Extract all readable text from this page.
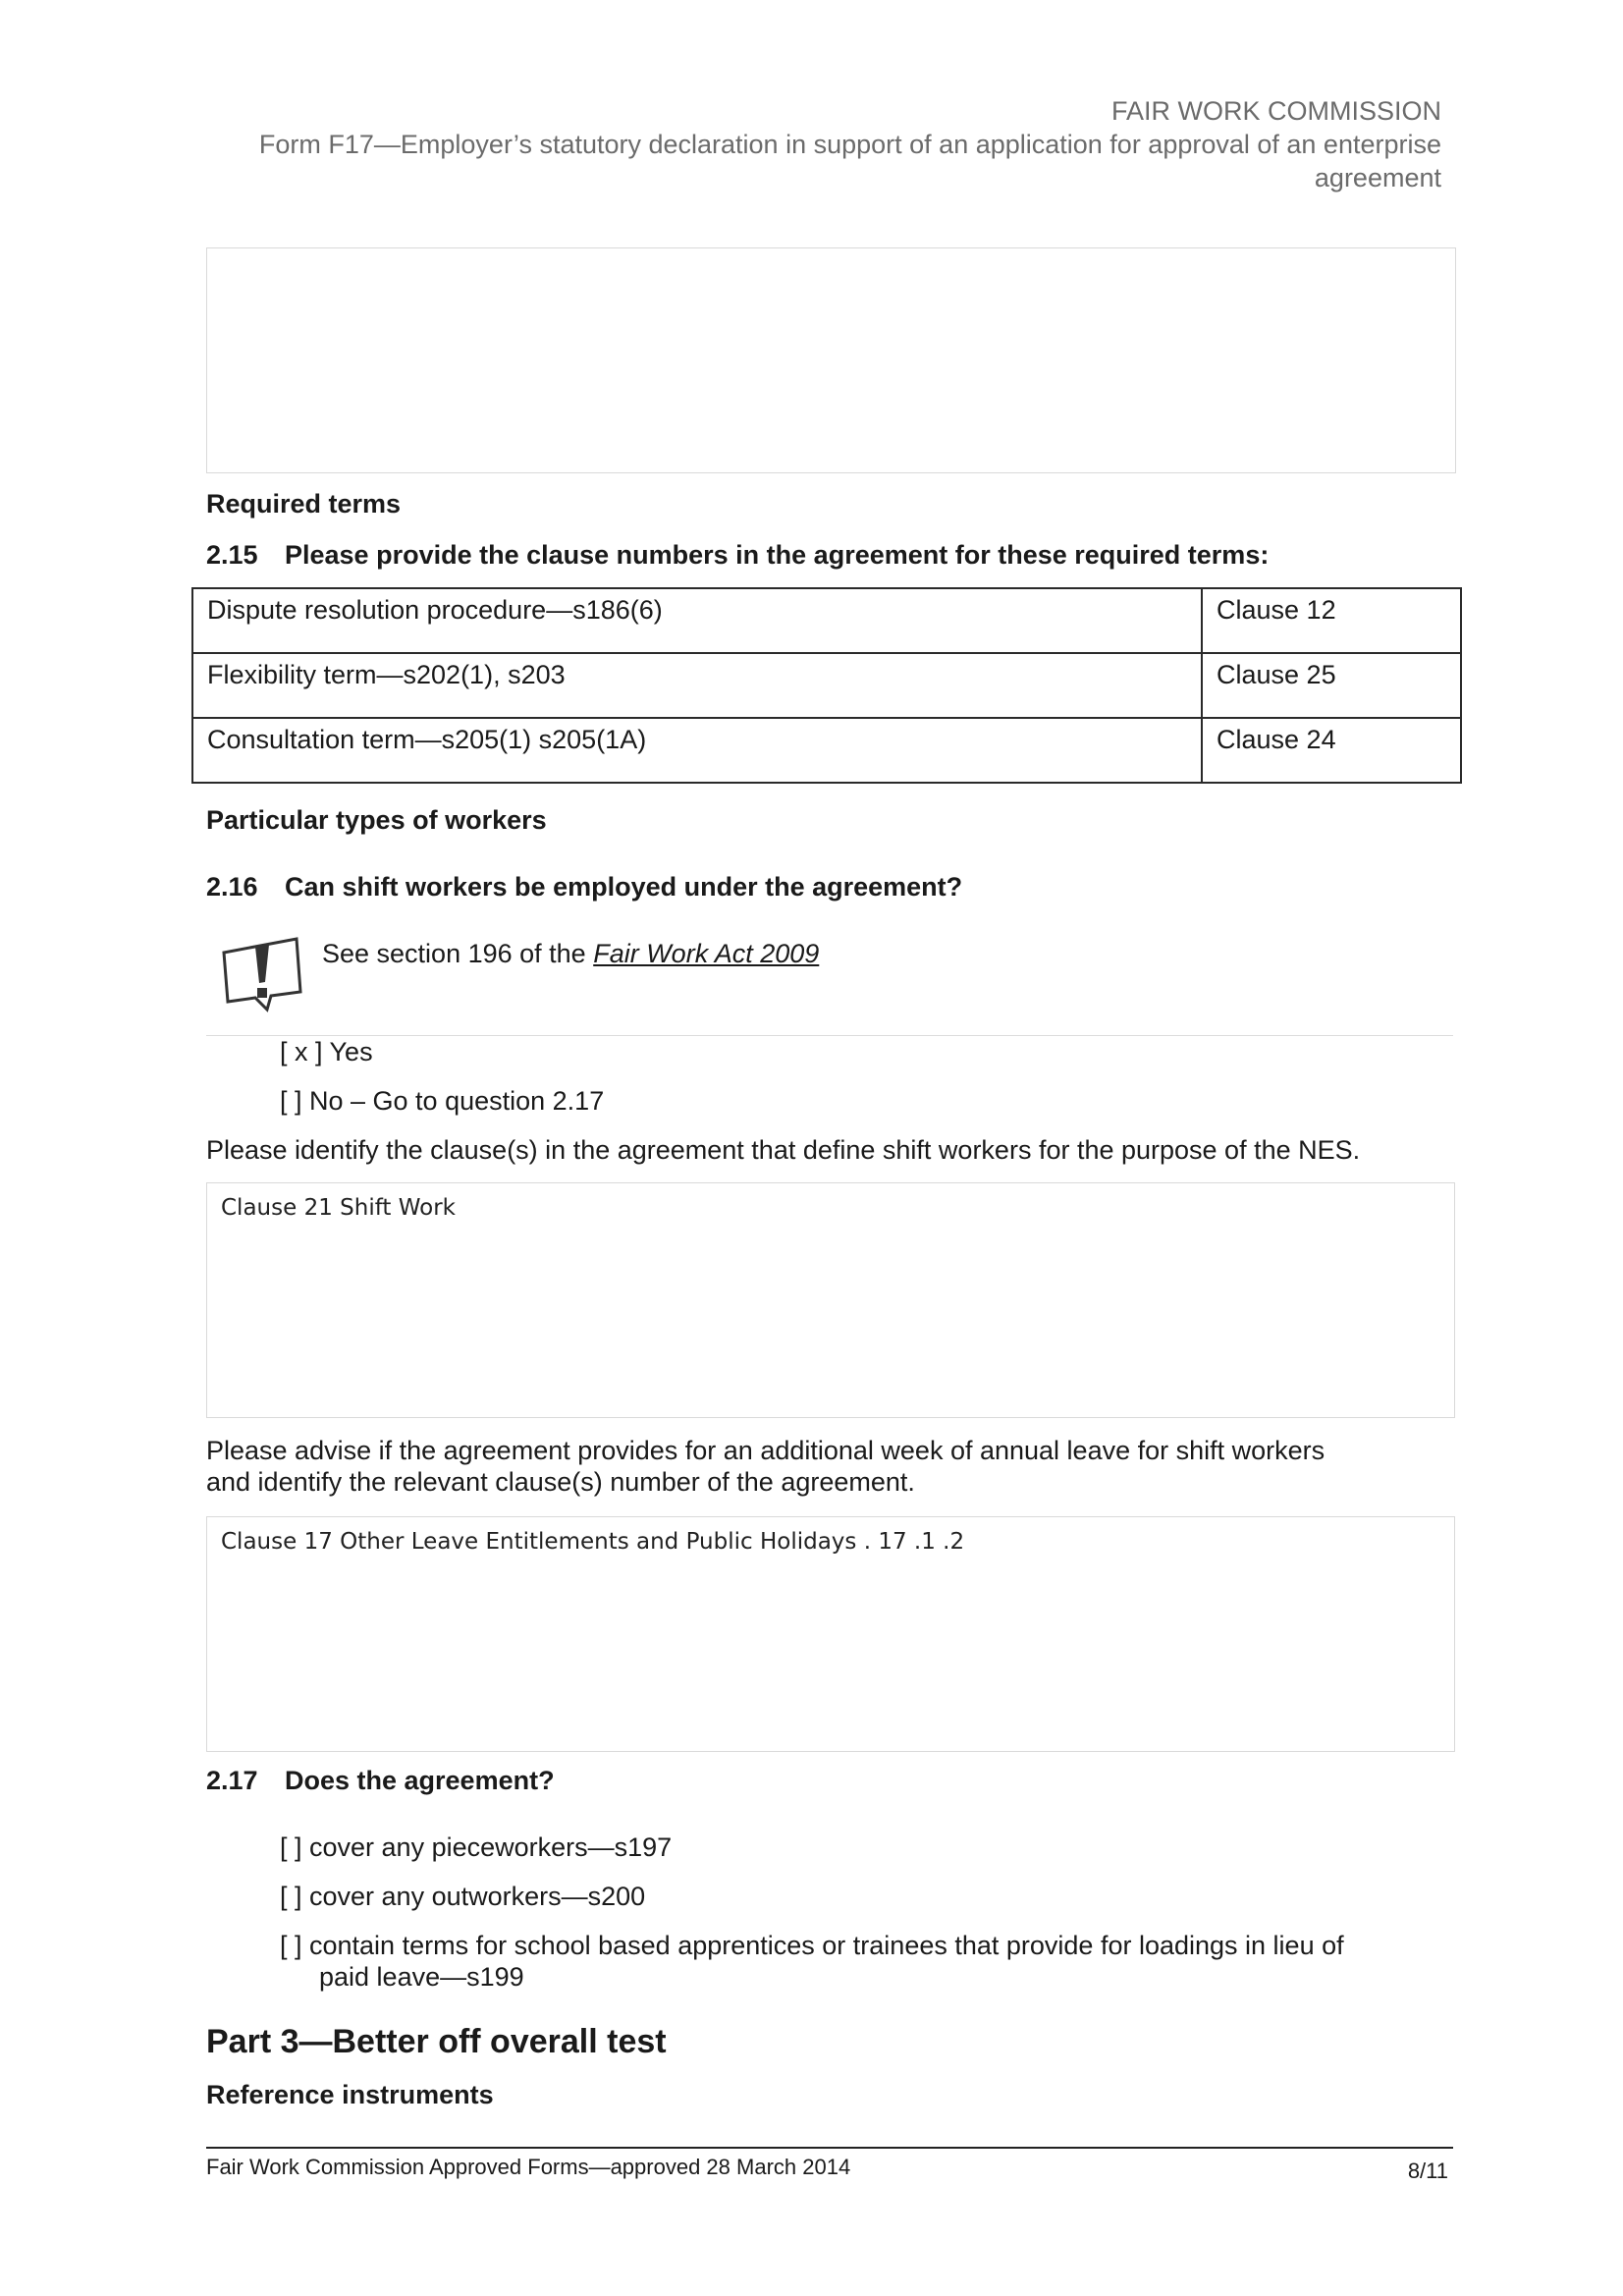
FAIR WORK COMMISSION
Form F17—Employer’s statutory declaration in support of an application for approval of an enterprise
agreement
Required terms
2.15 Please provide the clause numbers in the agreement for these required terms:
Dispute resolution procedure—s186(6)	Clause 12
Flexibility term—s202(1), s203	Clause 25
Consultation term—s205(1) s205(1A)	Clause 24
Particular types of workers
2.16 Can shift workers be employed under the agreement?
See section 196 of the Fair Work Act 2009
[ x ] Yes
[ ] No – Go to question 2.17
Please identify the clause(s) in the agreement that define shift workers for the purpose of the NES.
Clause 21 Shift Work
Please advise if the agreement provides for an additional week of annual leave for shift workers
and identify the relevant clause(s) number of the agreement.
Clause 17 Other Leave Entitlements and Public Holidays . 17 .1 .2
2.17 Does the agreement?
[ ] cover any pieceworkers—s197
[ ] cover any outworkers—s200
[ ] contain terms for school based apprentices or trainees that provide for loadings in lieu of
paid leave—s199
Part 3—Better off overall test
Reference instruments
Fair Work Commission Approved Forms—approved 28 March 2014	8/11
